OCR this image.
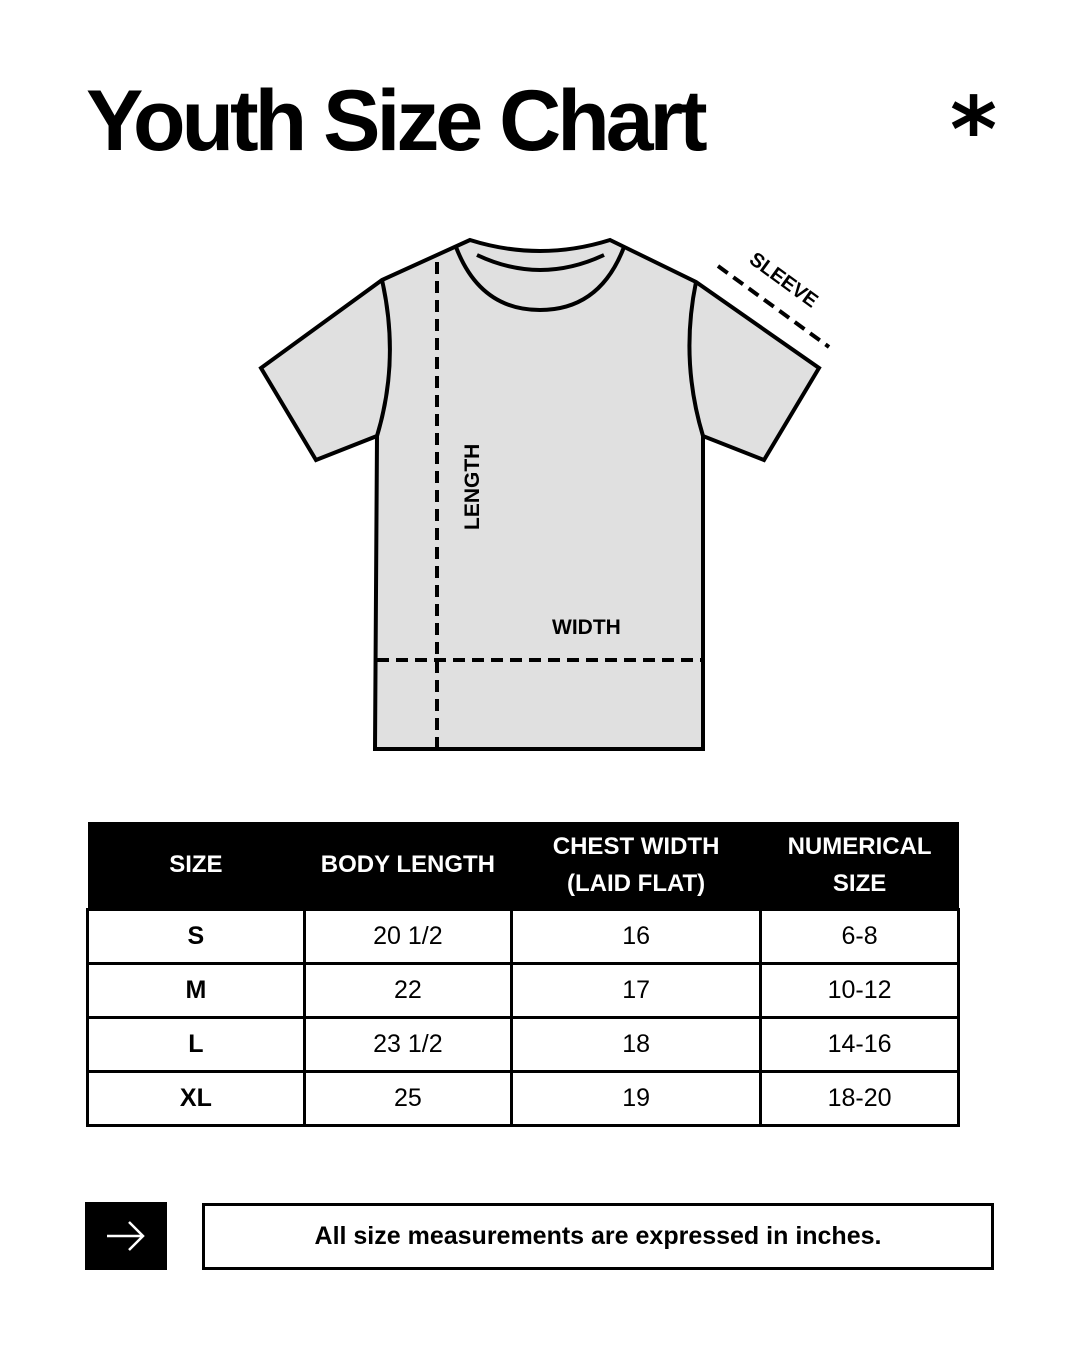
Youth Size Chart	*
SLEEVE
LENGTH
WIDTH
SIZE	BODY LENGTH	CHEST WIDTH (LAID FLAT)	NUMERICAL SIZE
S	20 1/2	16	6-8
M	22	17	10-12
L	23 1/2	18	14-16
XL	25	19	18-20
All size measurements are expressed in inches.
